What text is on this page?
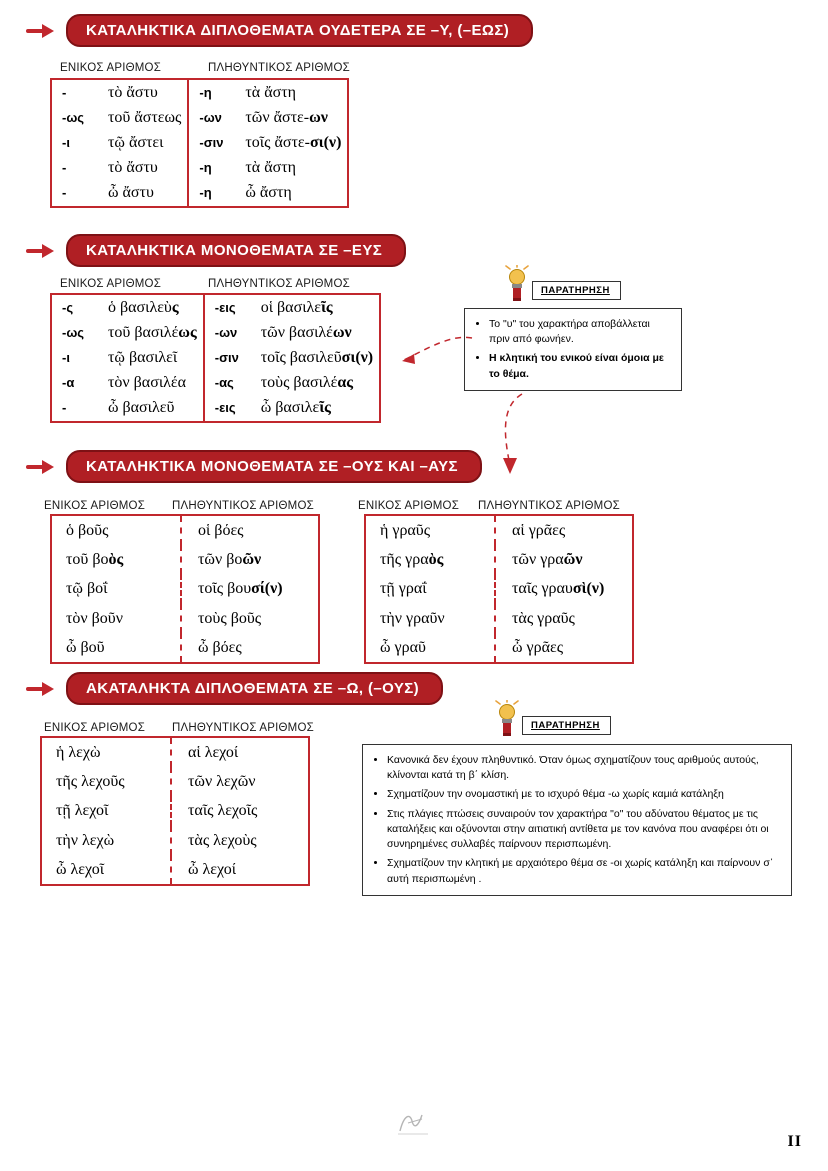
ΚΑΤΑΛΗΚΤΙΚΑ ΔΙΠΛΟΘΕΜΑΤΑ ΟΥΔΕΤΕΡΑ ΣΕ –Υ, (–ΕΩΣ)
ΕΝΙΚΟΣ ΑΡΙΘΜΟΣ	ΠΛΗΘΥΝΤΙΚΟΣ ΑΡΙΘΜΟΣ
-	τὸ ἄστυ	-η	τὰ ἄστη
-ως	τοῦ ἄστεως	-ων	τῶν ἄστε-ων
-ι	τῷ ἄστει	-σιν	τοῖς ἄστε-σι(ν)
-	τὸ ἄστυ	-η	τὰ ἄστη
-	ὦ ἄστυ	-η	ὦ ἄστη
ΚΑΤΑΛΗΚΤΙΚΑ ΜΟΝΟΘΕΜΑΤΑ ΣΕ –ΕΥΣ
ΕΝΙΚΟΣ ΑΡΙΘΜΟΣ	ΠΛΗΘΥΝΤΙΚΟΣ ΑΡΙΘΜΟΣ
-ς	ὁ βασιλεὺς	-εις	οἱ βασιλεῖς
-ως	τοῦ βασιλέως	-ων	τῶν βασιλέων
-ι	τῷ βασιλεῖ	-σιν	τοῖς βασιλεῦσι(ν)
-α	τὸν βασιλέα	-ας	τοὺς βασιλέας
-	ὦ βασιλεῦ	-εις	ὦ βασιλεῖς
ΠΑΡΑΤΗΡΗΣΗ
• Το "υ" του χαρακτήρα αποβάλλεται πριν από φωνήεν.
• Η κλητική του ενικού είναι όμοια με το θέμα.
ΚΑΤΑΛΗΚΤΙΚΑ ΜΟΝΟΘΕΜΑΤΑ ΣΕ –ΟΥΣ ΚΑΙ –ΑΥΣ
ΕΝΙΚΟΣ ΑΡΙΘΜΟΣ ΠΛΗΘΥΝΤΙΚΟΣ ΑΡΙΘΜΟΣ	ΕΝΙΚΟΣ ΑΡΙΘΜΟΣ ΠΛΗΘΥΝΤΙΚΟΣ ΑΡΙΘΜΟΣ
ὁ βοῦς	οἱ βόες
τοῦ βοὸς	τῶν βοῶν
τῷ βοΐ	τοῖς βουσί(ν)
τὸν βοῦν	τοὺς βοῦς
ὦ βοῦ	ὦ βόες
ἡ γραῦς	αἱ γρᾶες
τῆς γραὸς	τῶν γραῶν
τῇ γραΐ	ταῖς γραυσὶ(ν)
τὴν γραῦν	τὰς γραῦς
ὦ γραῦ	ὦ γρᾶες
ΑΚΑΤΑΛΗΚΤΑ ΔΙΠΛΟΘΕΜΑΤΑ ΣΕ –Ω, (–ΟΥΣ)
ΕΝΙΚΟΣ ΑΡΙΘΜΟΣ ΠΛΗΘΥΝΤΙΚΟΣ ΑΡΙΘΜΟΣ
ἡ λεχὼ	αἱ λεχοί
τῆς λεχοῦς	τῶν λεχῶν
τῇ λεχοῖ	ταῖς λεχοῖς
τὴν λεχὼ	τὰς λεχοὺς
ὦ λεχοῖ	ὦ λεχοί
ΠΑΡΑΤΗΡΗΣΗ
• Κανονικά δεν έχουν πληθυντικό. Όταν όμως σχηματίζουν τους αριθμούς αυτούς, κλίνονται κατά τη β΄ κλίση.
• Σχηματίζουν την ονομαστική με το ισχυρό θέμα -ω χωρίς καμιά κατάληξη
• Στις πλάγιες πτώσεις συναιρούν τον χαρακτήρα "ο" του αδύνατου θέματος με τις καταλήξεις και οξύνονται στην αιτιατική αντίθετα με τον κανόνα που αναφέρει ότι οι συνηρημένες συλλαβές παίρνουν περισπωμένη.
• Σχηματίζουν την κλητική με αρχαιότερο θέμα σε -οι χωρίς κατάληξη και παίρνουν σ᾽ αυτή περισπωμένη .
II
